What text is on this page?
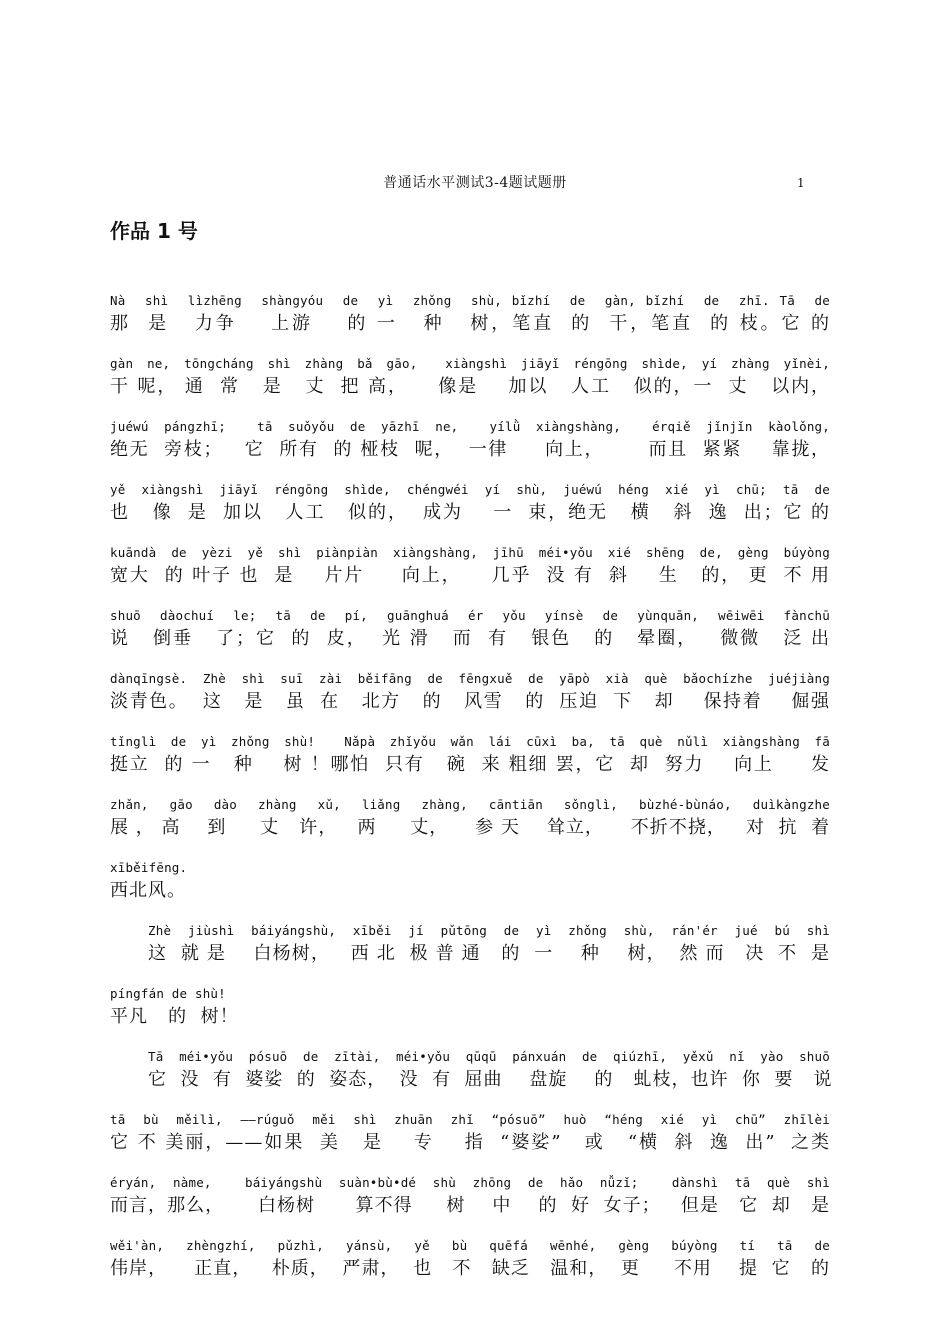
普通话水平测试3-4题试题册	1
作品 1 号
Nà  shì  lìzhēng  shàngyóu  de  yì  zhǒng  shù, bǐzhí  de  gàn, bǐzhí  de  zhī. Tā  de
那  是   力争    上游    的 一   种   树，笔直  的  干，笔直  的 枝。它 的
gàn ne, tōngcháng shì zhàng bǎ gāo,  xiàngshì jiāyǐ réngōng shìde, yí zhàng yǐnèi,
干 呢， 通  常   是   丈  把 高，    像是    加以   人工   似的，一  丈   以内，
juéwú pángzhī;  tā suǒyǒu de yāzhī ne,  yílǜ xiàngshàng,  érqiě jǐnjǐn kàolǒng,
绝无  旁枝；   它  所有  的 桠枝  呢，  一律     向上，      而且  紧紧    靠拢，
yě xiàngshì jiāyǐ réngōng shìde, chéngwéi yí shù, juéwú héng xié yì chū; tā de
也   像  是  加以   人工   似的，  成为    一  束，绝无   横   斜  逸  出；它 的
kuāndà de yèzi yě shì piànpiàn xiàngshàng, jīhū méi•yǒu xié shēng de, gèng búyòng
宽大  的 叶子 也  是    片片     向上，    几乎  没 有  斜    生   的， 更  不 用
shuō dàochuí le; tā de pí, guānghuá ér yǒu yínsè de yùnquān, wēiwēi fànchū
说   倒垂   了；它  的  皮，  光 滑   而  有   银色   的   晕圈，   微微   泛 出
dànqīngsè. Zhè shì suī zài běifāng de fēngxuě de yāpò xià què bǎochízhe juéjiàng
淡青色。  这   是   虽  在   北方   的   风雪   的  压迫  下   却    保持着    倔强
tǐnglì de yì zhǒng shù!  Nǎpà zhǐyǒu wǎn lái cūxì ba, tā què nǔlì xiàngshàng fā
挺立  的 一   种    树 ！哪怕  只有   碗  来 粗细 罢，它  却  努力    向上     发
zhǎn, gāo dào zhàng xǔ, liǎng zhàng, cāntiān sǒnglì, bùzhé-bùnáo, duìkàngzhe
展 ， 高    到     丈   许，   两     丈，    参 天    耸立，    不折不挠，   对  抗  着
xīběifēng.
西北风。
Zhè jiùshì báiyángshù, xīběi jí pǔtōng de yì zhǒng shù, rán'ér jué bú shì
这  就 是    白杨树，   西 北  极 普 通   的  一    种    树，  然 而   决  不  是
píngfán de shù!
平凡   的  树！
Tā méi•yǒu pósuō de zītài, méi•yǒu qūqū pánxuán de qiúzhī, yěxǔ nǐ yào shuō
它  没  有  婆娑  的  姿态，  没  有  屈曲    盘旋    的   虬枝，也许  你  要   说
tā bù měilì, ——rúguǒ měi shì zhuān zhǐ “pósuō” huò “héng xié yì chū” zhīlèi
它 不 美丽，——如果  美   是    专    指  “婆娑”   或   “横  斜  逸  出”  之类
éryán, nàme,  báiyángshù suàn•bù•dé shù zhōng de hǎo nǚzǐ;  dànshì tā què shì
而言，那么，     白杨树      算不得     树    中    的  好  女子；   但是   它  却   是
wěi'àn, zhèngzhí, pǔzhì, yánsù, yě bù quēfá wēnhé, gèng búyòng tí tā de
伟岸，    正直，   朴质，  严肃，  也   不   缺乏   温和，  更     不用    提  它   的
